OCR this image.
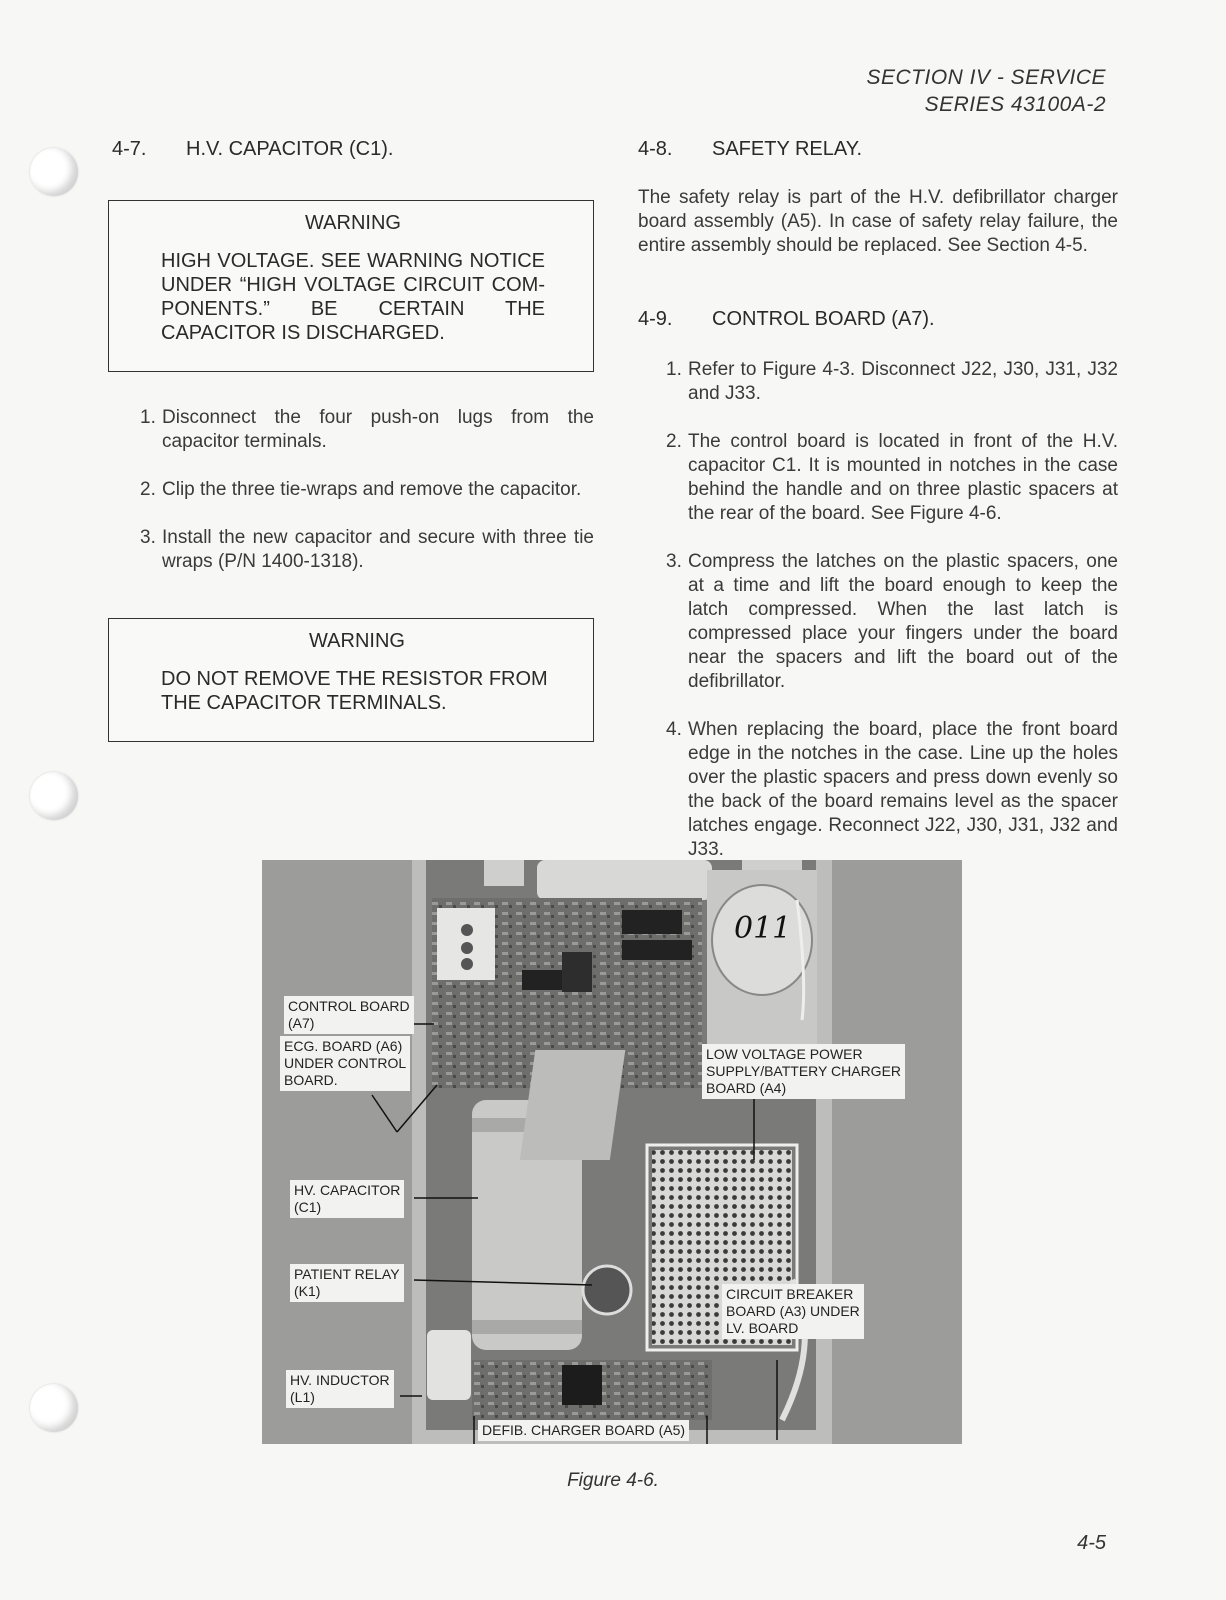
SECTION IV - SERVICE
SERIES 43100A-2
4-7. H.V. CAPACITOR (C1).
WARNING
HIGH VOLTAGE. SEE WARNING NOTICE UNDER “HIGH VOLTAGE CIRCUIT COM-PONENTS.” BE CERTAIN THE CAPACITOR IS DISCHARGED.
1. Disconnect the four push-on lugs from the capacitor terminals.
2. Clip the three tie-wraps and remove the capacitor.
3. Install the new capacitor and secure with three tie wraps (P/N 1400-1318).
WARNING
DO NOT REMOVE THE RESISTOR FROM THE CAPACITOR TERMINALS.
4-8. SAFETY RELAY.
The safety relay is part of the H.V. defibrillator charger board assembly (A5). In case of safety relay failure, the entire assembly should be replaced. See Section 4-5.
4-9. CONTROL BOARD (A7).
1. Refer to Figure 4-3. Disconnect J22, J30, J31, J32 and J33.
2. The control board is located in front of the H.V. capacitor C1. It is mounted in notches in the case behind the handle and on three plastic spacers at the rear of the board. See Figure 4-6.
3. Compress the latches on the plastic spacers, one at a time and lift the board enough to keep the latch compressed. When the last latch is compressed place your fingers under the board near the spacers and lift the board out of the defibrillator.
4. When replacing the board, place the front board edge in the notches in the case. Line up the holes over the plastic spacers and press down evenly so the back of the board remains level as the spacer latches engage. Reconnect J22, J30, J31, J32 and J33.
011
CONTROL BOARD
(A7)
ECG. BOARD (A6)
UNDER CONTROL
BOARD.
HV. CAPACITOR
(C1)
PATIENT RELAY
(K1)
HV. INDUCTOR
(L1)
LOW VOLTAGE POWER
SUPPLY/BATTERY CHARGER
BOARD (A4)
CIRCUIT BREAKER
BOARD (A3) UNDER
LV. BOARD
DEFIB. CHARGER BOARD (A5)
Figure 4-6.
4-5
